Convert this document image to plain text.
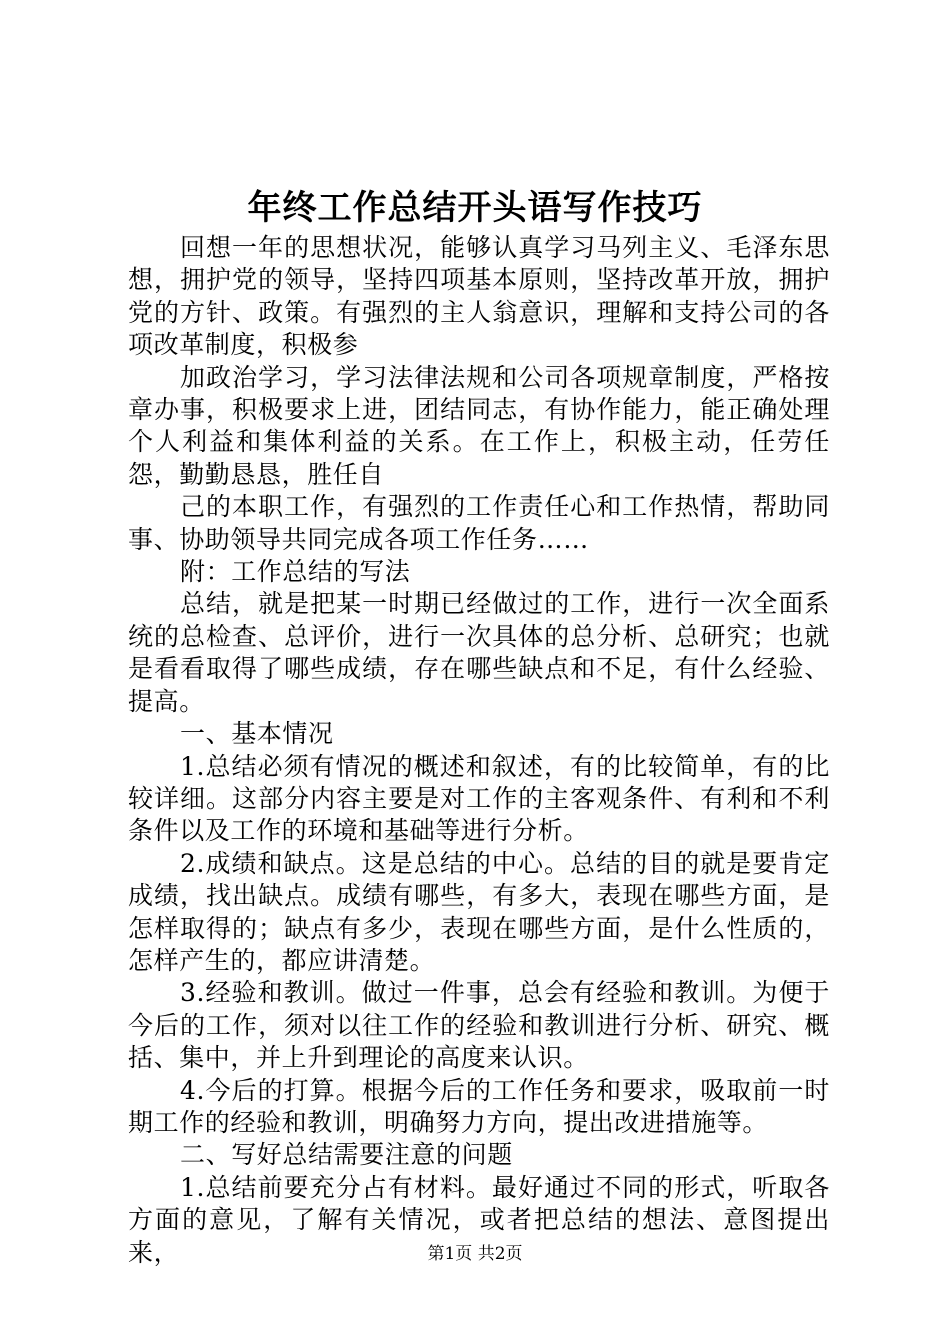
年终工作总结开头语写作技巧

回想一年的思想状况，能够认真学习马列主义、毛泽东思想，拥护党的领导，坚持四项基本原则，坚持改革开放，拥护党的方针、政策。有强烈的主人翁意识，理解和支持公司的各项改革制度，积极参

加政治学习，学习法律法规和公司各项规章制度，严格按章办事，积极要求上进，团结同志，有协作能力，能正确处理个人利益和集体利益的关系。在工作上，积极主动，任劳任怨，勤勤恳恳，胜任自

己的本职工作，有强烈的工作责任心和工作热情，帮助同事、协助领导共同完成各项工作任务……

附：工作总结的写法

总结，就是把某一时期已经做过的工作，进行一次全面系统的总检查、总评价，进行一次具体的总分析、总研究；也就是看看取得了哪些成绩，存在哪些缺点和不足，有什么经验、提高。

一、基本情况

1.总结必须有情况的概述和叙述，有的比较简单，有的比较详细。这部分内容主要是对工作的主客观条件、有利和不利条件以及工作的环境和基础等进行分析。

2.成绩和缺点。这是总结的中心。总结的目的就是要肯定成绩，找出缺点。成绩有哪些，有多大，表现在哪些方面，是怎样取得的；缺点有多少，表现在哪些方面，是什么性质的，怎样产生的，都应讲清楚。

3.经验和教训。做过一件事，总会有经验和教训。为便于今后的工作，须对以往工作的经验和教训进行分析、研究、概括、集中，并上升到理论的高度来认识。

4.今后的打算。根据今后的工作任务和要求，吸取前一时期工作的经验和教训，明确努力方向，提出改进措施等。

二、写好总结需要注意的问题

1.总结前要充分占有材料。最好通过不同的形式，听取各方面的意见，了解有关情况，或者把总结的想法、意图提出来，	第1页 共2页
